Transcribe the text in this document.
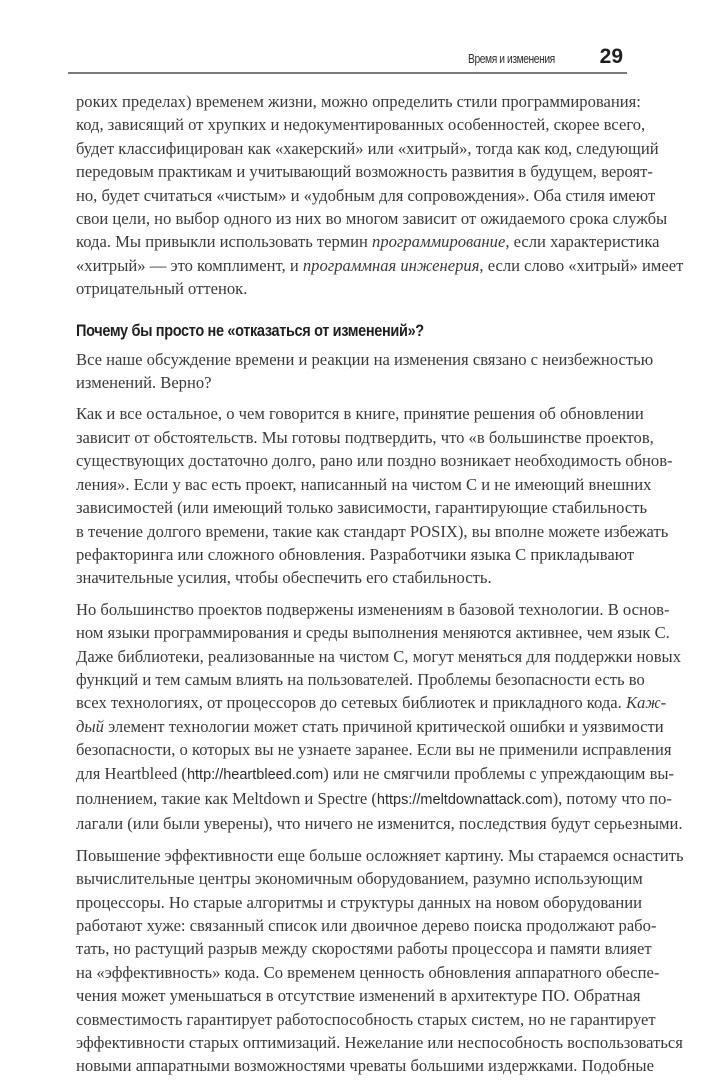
Время и изменения 29

роких пределах) временем жизни, можно определить стили программирования:
код, зависящий от хрупких и недокументированных особенностей, скорее всего,
будет классифицирован как «хакерский» или «хитрый», тогда как код, следующий
передовым практикам и учитывающий возможность развития в будущем, вероят-
но, будет считаться «чистым» и «удобным для сопровождения». Оба стиля имеют
свои цели, но выбор одного из них во многом зависит от ожидаемого срока службы
кода. Мы привыкли использовать термин программирование, если характеристика
«хитрый» — это комплимент, и программная инженерия, если слово «хитрый» имеет
отрицательный оттенок.

Почему бы просто не «отказаться от изменений»?

Все наше обсуждение времени и реакции на изменения связано с неизбежностью
изменений. Верно?

Как и все остальное, о чем говорится в книге, принятие решения об обновлении
зависит от обстоятельств. Мы готовы подтвердить, что «в большинстве проектов,
существующих достаточно долго, рано или поздно возникает необходимость обнов-
ления». Если у вас есть проект, написанный на чистом C и не имеющий внешних
зависимостей (или имеющий только зависимости, гарантирующие стабильность
в течение долгого времени, такие как стандарт POSIX), вы вполне можете избежать
рефакторинга или сложного обновления. Разработчики языка C прикладывают
значительные усилия, чтобы обеспечить его стабильность.

Но большинство проектов подвержены изменениям в базовой технологии. В основ-
ном языки программирования и среды выполнения меняются активнее, чем язык C.
Даже библиотеки, реализованные на чистом C, могут меняться для поддержки новых
функций и тем самым влиять на пользователей. Проблемы безопасности есть во
всех технологиях, от процессоров до сетевых библиотек и прикладного кода. Каж-
дый элемент технологии может стать причиной критической ошибки и уязвимости
безопасности, о которых вы не узнаете заранее. Если вы не применили исправления
для Heartbleed (http://heartbleed.com) или не смягчили проблемы с упреждающим вы-
полнением, такие как Meltdown и Spectre (https://meltdownattack.com), потому что по-
лагали (или были уверены), что ничего не изменится, последствия будут серьезными.

Повышение эффективности еще больше осложняет картину. Мы стараемся оснастить
вычислительные центры экономичным оборудованием, разумно использующим
процессоры. Но старые алгоритмы и структуры данных на новом оборудовании
работают хуже: связанный список или двоичное дерево поиска продолжают рабо-
тать, но растущий разрыв между скоростями работы процессора и памяти влияет
на «эффективность» кода. Со временем ценность обновления аппаратного обеспе-
чения может уменьшаться в отсутствие изменений в архитектуре ПО. Обратная
совместимость гарантирует работоспособность старых систем, но не гарантирует
эффективности старых оптимизаций. Нежелание или неспособность воспользоваться
новыми аппаратными возможностями чреваты большими издержками. Подобные
